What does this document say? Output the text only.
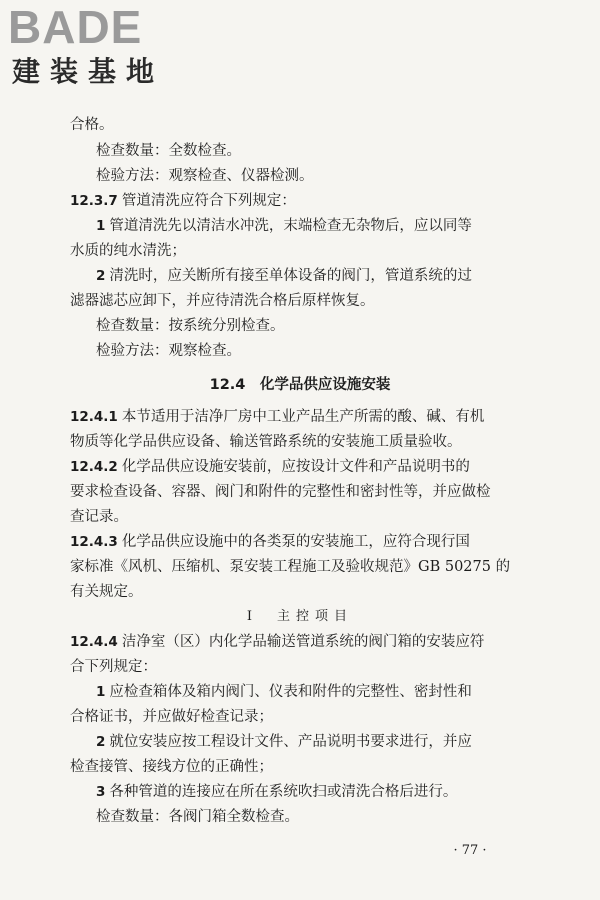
BADE
建装基地
合格。
检查数量：全数检查。
检验方法：观察检查、仪器检测。
12.3.7 管道清洗应符合下列规定：
1 管道清洗先以清洁水冲洗，末端检查无杂物后，应以同等
水质的纯水清洗；
2 清洗时，应关断所有接至单体设备的阀门，管道系统的过
滤器滤芯应卸下，并应待清洗合格后原样恢复。
检查数量：按系统分别检查。
检验方法：观察检查。
12.4　化学品供应设施安装
12.4.1 本节适用于洁净厂房中工业产品生产所需的酸、碱、有机
物质等化学品供应设备、输送管路系统的安装施工质量验收。
12.4.2 化学品供应设施安装前，应按设计文件和产品说明书的
要求检查设备、容器、阀门和附件的完整性和密封性等，并应做检
查记录。
12.4.3 化学品供应设施中的各类泵的安装施工，应符合现行国
家标准《风机、压缩机、泵安装工程施工及验收规范》GB 50275 的
有关规定。
Ⅰ　主控项目
12.4.4 洁净室（区）内化学品输送管道系统的阀门箱的安装应符
合下列规定：
1 应检查箱体及箱内阀门、仪表和附件的完整性、密封性和
合格证书，并应做好检查记录；
2 就位安装应按工程设计文件、产品说明书要求进行，并应
检查接管、接线方位的正确性；
3 各种管道的连接应在所在系统吹扫或清洗合格后进行。
检查数量：各阀门箱全数检查。
· 77 ·
